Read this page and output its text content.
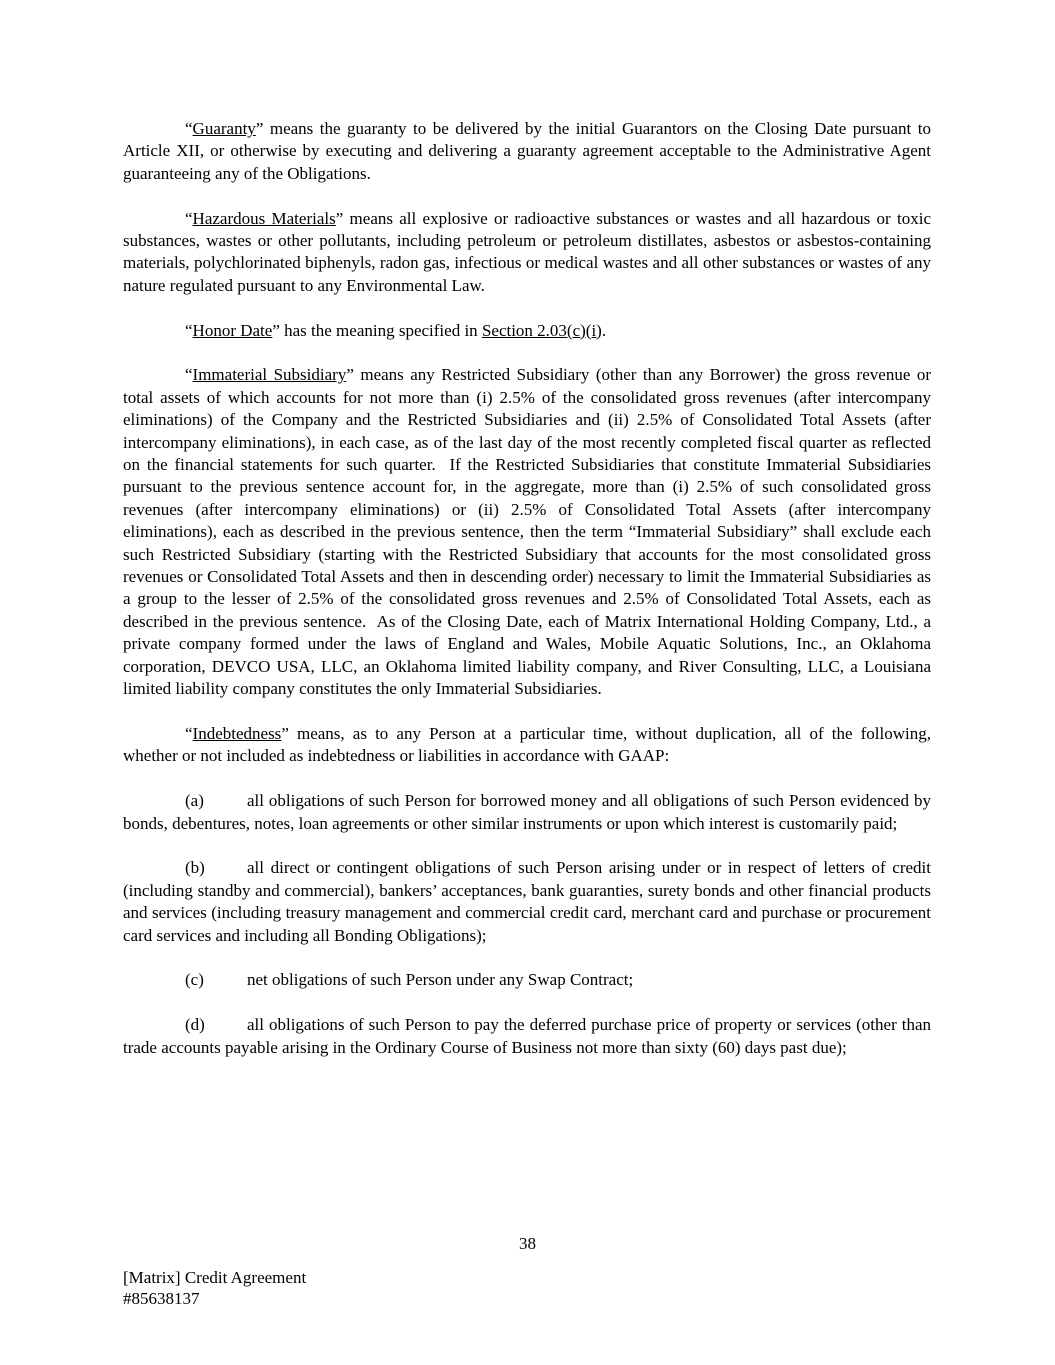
“Guaranty” means the guaranty to be delivered by the initial Guarantors on the Closing Date pursuant to Article XII, or otherwise by executing and delivering a guaranty agreement acceptable to the Administrative Agent guaranteeing any of the Obligations.

“Hazardous Materials” means all explosive or radioactive substances or wastes and all hazardous or toxic substances, wastes or other pollutants, including petroleum or petroleum distillates, asbestos or asbestos-containing materials, polychlorinated biphenyls, radon gas, infectious or medical wastes and all other substances or wastes of any nature regulated pursuant to any Environmental Law.

“Honor Date” has the meaning specified in Section 2.03(c)(i).

“Immaterial Subsidiary” means any Restricted Subsidiary (other than any Borrower) the gross revenue or total assets of which accounts for not more than (i) 2.5% of the consolidated gross revenues (after intercompany eliminations) of the Company and the Restricted Subsidiaries and (ii) 2.5% of Consolidated Total Assets (after intercompany eliminations), in each case, as of the last day of the most recently completed fiscal quarter as reflected on the financial statements for such quarter.  If the Restricted Subsidiaries that constitute Immaterial Subsidiaries pursuant to the previous sentence account for, in the aggregate, more than (i) 2.5% of such consolidated gross revenues (after intercompany eliminations) or (ii) 2.5% of Consolidated Total Assets (after intercompany eliminations), each as described in the previous sentence, then the term “Immaterial Subsidiary” shall exclude each such Restricted Subsidiary (starting with the Restricted Subsidiary that accounts for the most consolidated gross revenues or Consolidated Total Assets and then in descending order) necessary to limit the Immaterial Subsidiaries as a group to the lesser of 2.5% of the consolidated gross revenues and 2.5% of Consolidated Total Assets, each as described in the previous sentence.  As of the Closing Date, each of Matrix International Holding Company, Ltd., a private company formed under the laws of England and Wales, Mobile Aquatic Solutions, Inc., an Oklahoma corporation, DEVCO USA, LLC, an Oklahoma limited liability company, and River Consulting, LLC, a Louisiana limited liability company constitutes the only Immaterial Subsidiaries.

“Indebtedness” means, as to any Person at a particular time, without duplication, all of the following, whether or not included as indebtedness or liabilities in accordance with GAAP:

(a)	all obligations of such Person for borrowed money and all obligations of such Person evidenced by bonds, debentures, notes, loan agreements or other similar instruments or upon which interest is customarily paid;

(b) all direct or contingent obligations of such Person arising under or in respect of letters of credit (including standby and commercial), bankers’ acceptances, bank guaranties, surety bonds and other financial products and services (including treasury management and commercial credit card, merchant card and purchase or procurement card services and including all Bonding Obligations);

(c)	net obligations of such Person under any Swap Contract;

(d) all obligations of such Person to pay the deferred purchase price of property or services (other than trade accounts payable arising in the Ordinary Course of Business not more than sixty (60) days past due);

38
[Matrix] Credit Agreement
#85638137
